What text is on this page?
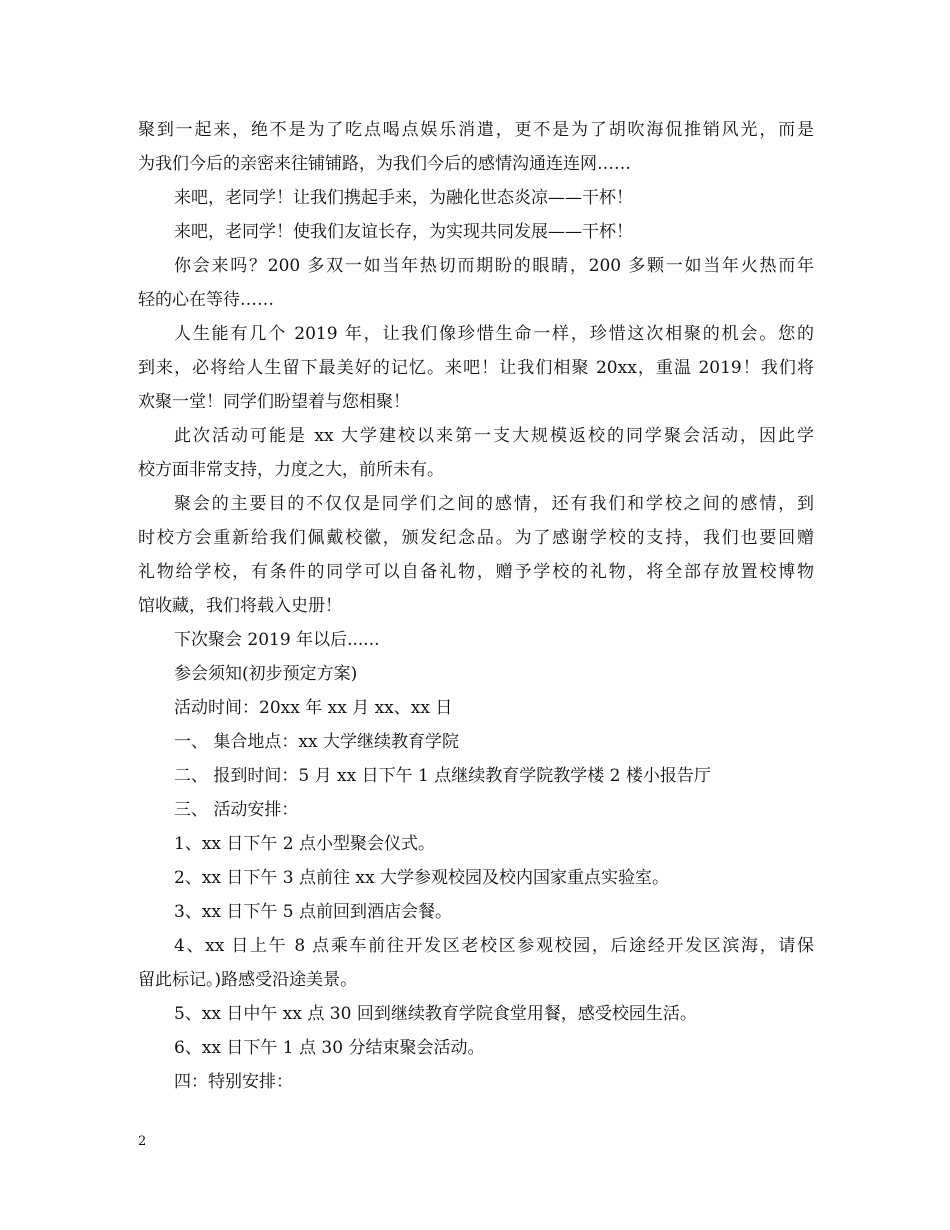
聚到一起来，绝不是为了吃点喝点娱乐消遣，更不是为了胡吹海侃推销风光，而是
为我们今后的亲密来往铺铺路，为我们今后的感情沟通连连网……
来吧，老同学！让我们携起手来，为融化世态炎凉——干杯！
来吧，老同学！使我们友谊长存，为实现共同发展——干杯！
你会来吗？200 多双一如当年热切而期盼的眼睛，200 多颗一如当年火热而年
轻的心在等待……
人生能有几个 2019 年，让我们像珍惜生命一样，珍惜这次相聚的机会。您的
到来，必将给人生留下最美好的记忆。来吧！让我们相聚 20xx，重温 2019！我们将
欢聚一堂！同学们盼望着与您相聚！
此次活动可能是 xx 大学建校以来第一支大规模返校的同学聚会活动，因此学
校方面非常支持，力度之大，前所未有。
聚会的主要目的不仅仅是同学们之间的感情，还有我们和学校之间的感情，到
时校方会重新给我们佩戴校徽，颁发纪念品。为了感谢学校的支持，我们也要回赠
礼物给学校，有条件的同学可以自备礼物，赠予学校的礼物，将全部存放置校博物
馆收藏，我们将载入史册！
下次聚会 2019 年以后......
参会须知(初步预定方案)
活动时间：20xx 年 xx 月 xx、xx 日
一、 集合地点：xx 大学继续教育学院
二、 报到时间：5 月 xx 日下午 1 点继续教育学院教学楼 2 楼小报告厅
三、 活动安排：
1、xx 日下午 2 点小型聚会仪式。
2、xx 日下午 3 点前往 xx 大学参观校园及校内国家重点实验室。
3、xx 日下午 5 点前回到酒店会餐。
4、xx 日上午 8 点乘车前往开发区老校区参观校园，后途经开发区滨海，请保
留此标记。)路感受沿途美景。
5、xx 日中午 xx 点 30 回到继续教育学院食堂用餐，感受校园生活。
6、xx 日下午 1 点 30 分结束聚会活动。
四：特别安排：
2
